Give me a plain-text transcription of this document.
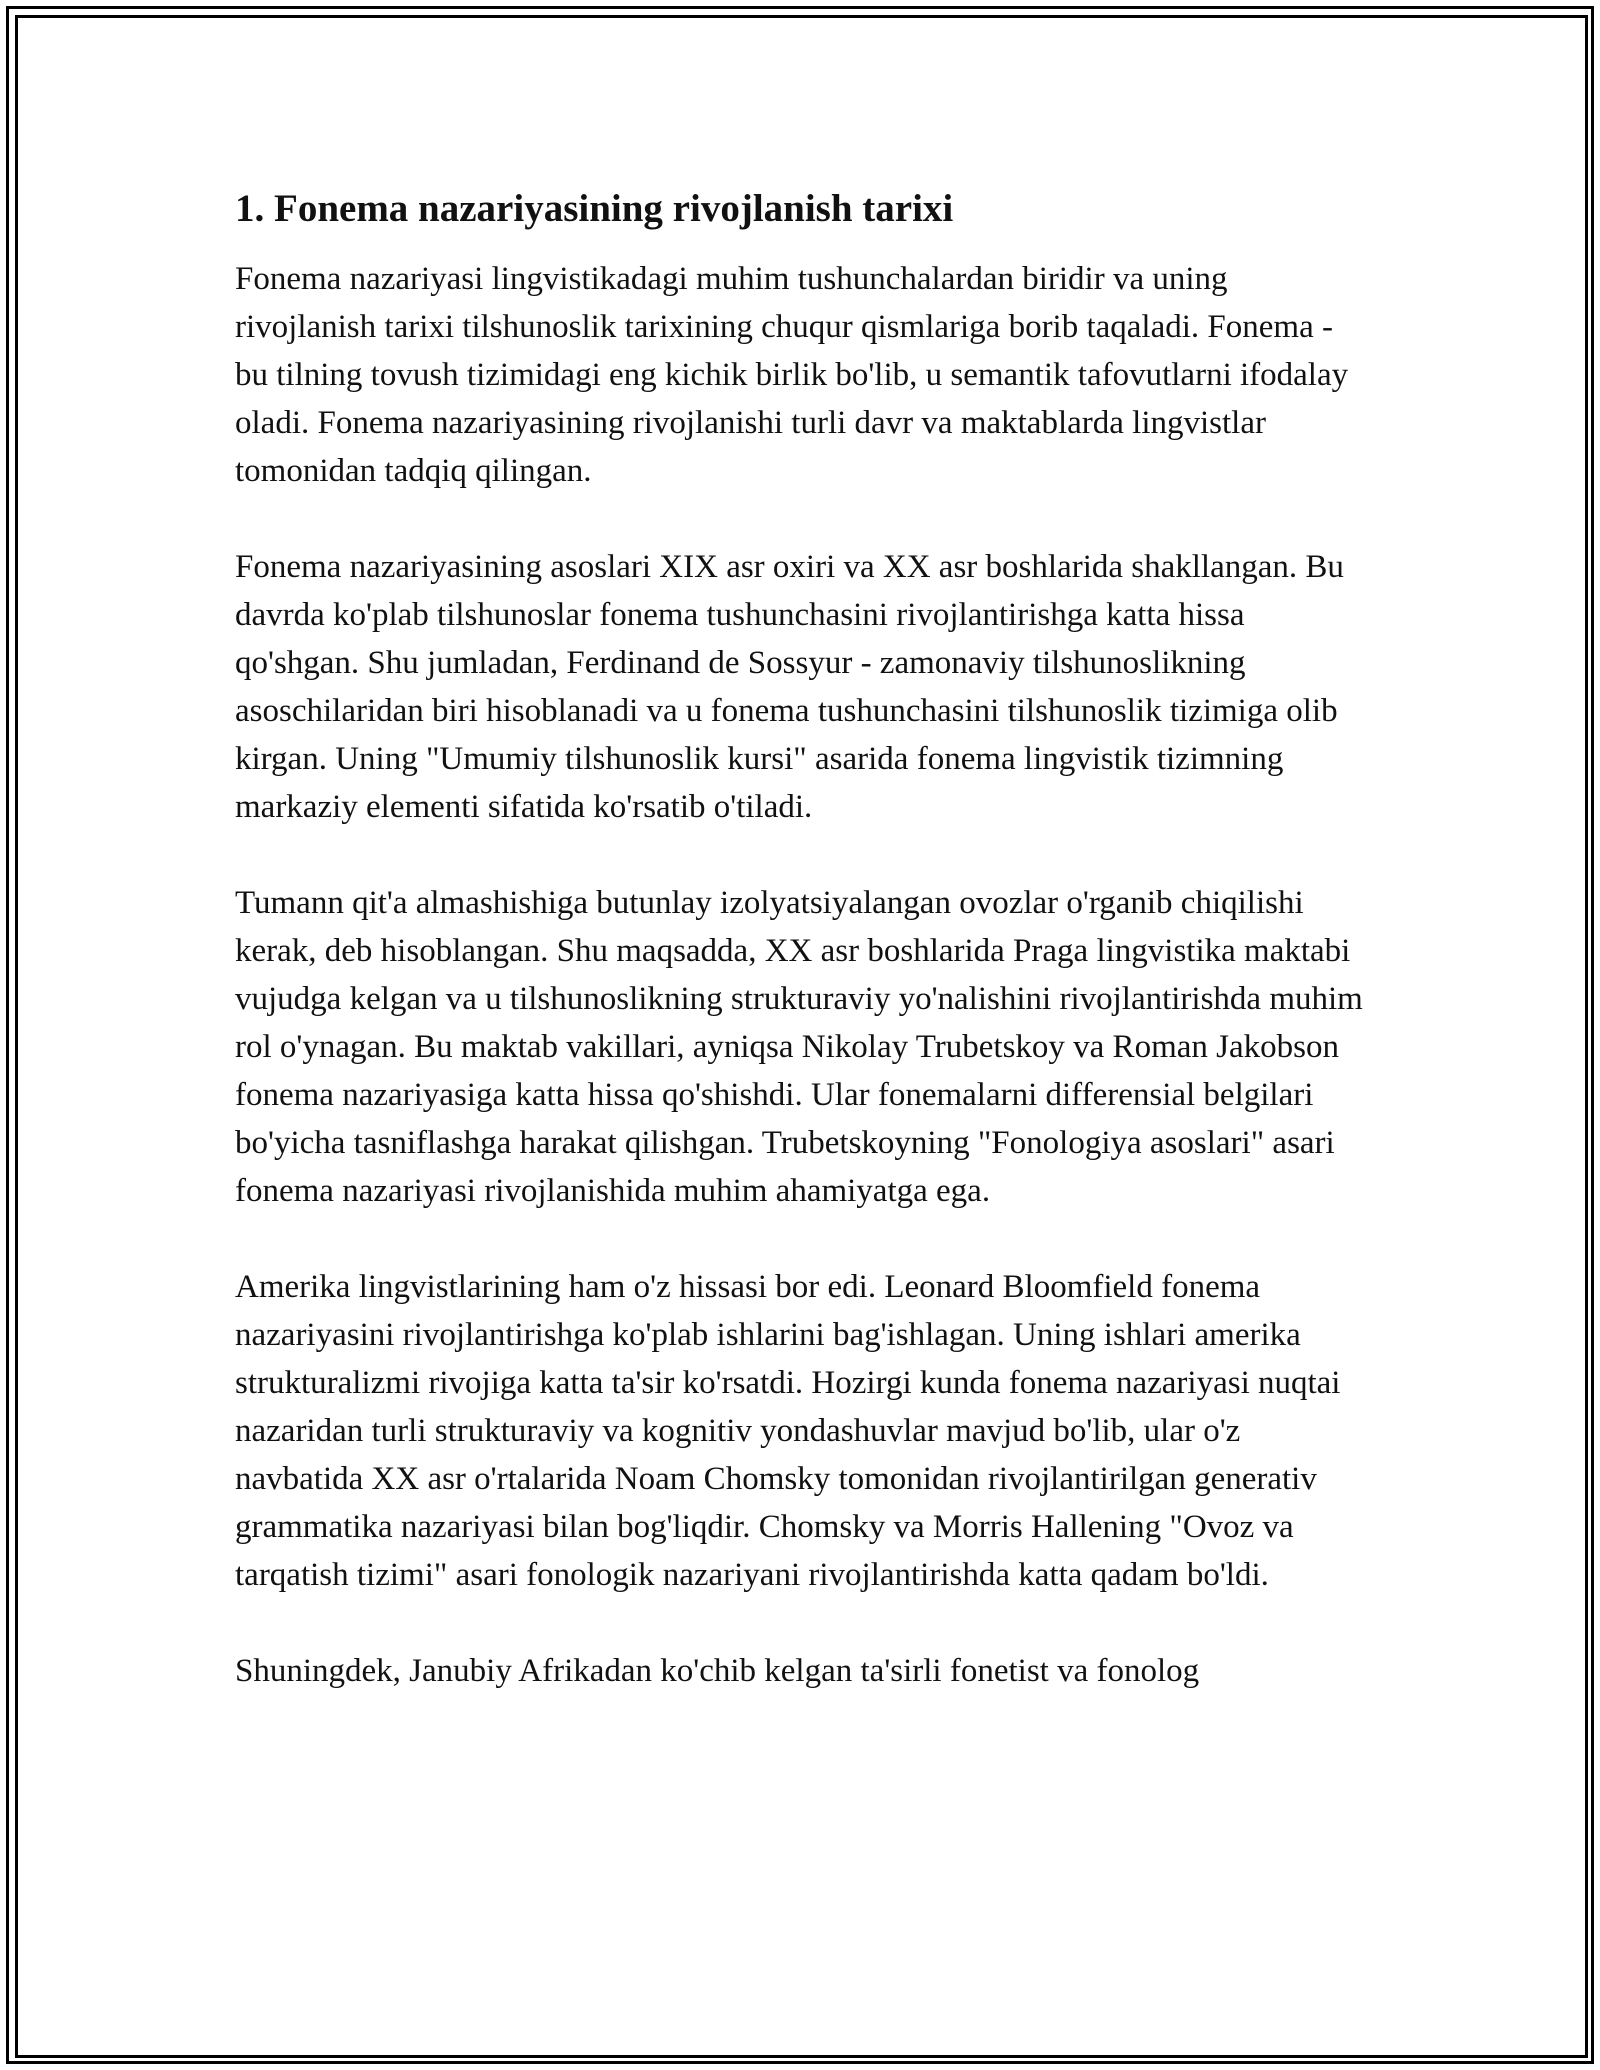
1. Fonema nazariyasining rivojlanish tarixi

Fonema nazariyasi lingvistikadagi muhim tushunchalardan biridir va uning rivojlanish tarixi tilshunoslik tarixining chuqur qismlariga borib taqaladi. Fonema - bu tilning tovush tizimidagi eng kichik birlik bo'lib, u semantik tafovutlarni ifodalay oladi. Fonema nazariyasining rivojlanishi turli davr va maktablarda lingvistlar tomonidan tadqiq qilingan.

Fonema nazariyasining asoslari XIX asr oxiri va XX asr boshlarida shakllangan. Bu davrda ko'plab tilshunoslar fonema tushunchasini rivojlantirishga katta hissa qo'shgan. Shu jumladan, Ferdinand de Sossyur - zamonaviy tilshunoslikning asoschilaridan biri hisoblanadi va u fonema tushunchasini tilshunoslik tizimiga olib kirgan. Uning "Umumiy tilshunoslik kursi" asarida fonema lingvistik tizimning markaziy elementi sifatida ko'rsatib o'tiladi.

Tumann qit'a almashishiga butunlay izolyatsiyalangan ovozlar o'rganib chiqilishi kerak, deb hisoblangan. Shu maqsadda, XX asr boshlarida Praga lingvistika maktabi vujudga kelgan va u tilshunoslikning strukturaviy yo'nalishini rivojlantirishda muhim rol o'ynagan. Bu maktab vakillari, ayniqsa Nikolay Trubetskoy va Roman Jakobson fonema nazariyasiga katta hissa qo'shishdi. Ular fonemalarni differensial belgilari bo'yicha tasniflashga harakat qilishgan. Trubetskoyning "Fonologiya asoslari" asari fonema nazariyasi rivojlanishida muhim ahamiyatga ega.

Amerika lingvistlarining ham o'z hissasi bor edi. Leonard Bloomfield fonema nazariyasini rivojlantirishga ko'plab ishlarini bag'ishlagan. Uning ishlari amerika strukturalizmi rivojiga katta ta'sir ko'rsatdi. Hozirgi kunda fonema nazariyasi nuqtai nazaridan turli strukturaviy va kognitiv yondashuvlar mavjud bo'lib, ular o'z navbatida XX asr o'rtalarida Noam Chomsky tomonidan rivojlantirilgan generativ grammatika nazariyasi bilan bog'liqdir. Chomsky va Morris Hallening "Ovoz va tarqatish tizimi" asari fonologik nazariyani rivojlantirishda katta qadam bo'ldi.

Shuningdek, Janubiy Afrikadan ko'chib kelgan ta'sirli fonetist va fonolog
